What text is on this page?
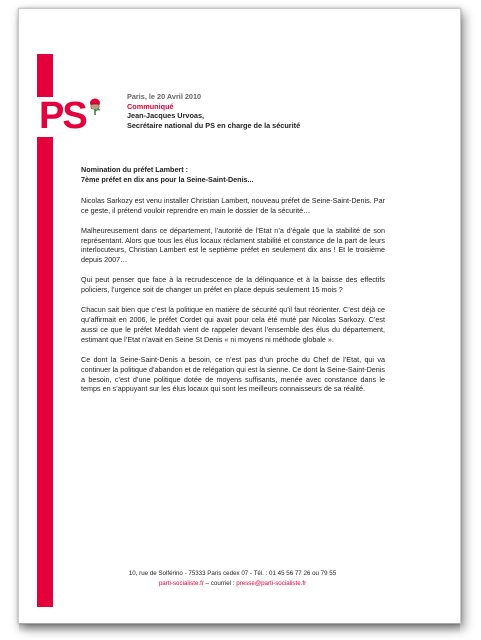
PS	Paris, le 20 Avril 2010
Communiqué
Jean-Jacques Urvoas,
Secrétaire national du PS en charge de la sécurité
Nomination du préfet Lambert :
7ème préfet en dix ans pour la Seine-Saint-Denis...

Nicolas Sarkozy est venu installer Christian Lambert, nouveau préfet de Seine-Saint-Denis. Par ce geste, il prétend vouloir reprendre en main le dossier de la sécurité…

Malheureusement dans ce département, l’autorité de l’Etat n’a d’égale que la stabilité de son représentant. Alors que tous les élus locaux réclament stabilité et constance de la part de leurs interlocuteurs, Christian Lambert est le septième préfet en seulement dix ans ! Et le troisième depuis 2007…

Qui peut penser que face à la recrudescence de la délinquance et à la baisse des effectifs policiers, l’urgence soit de changer un préfet en place depuis seulement 15 mois ?

Chacun sait bien que c’est la politique en matière de sécurité qu’il faut réorienter. C’est déjà ce qu’affirmait en 2006, le préfet Cordet qui avait pour cela été muté par Nicolas Sarkozy. C’est aussi ce que le préfet Meddah vient de rappeler devant l’ensemble des élus du département, estimant que l’Etat n’avait en Seine St Denis « ni moyens ni méthode globale ».

Ce dont la Seine-Saint-Denis a besoin, ce n’est pas d’un proche du Chef de l’Etat, qui va continuer la politique d’abandon et de relégation qui est la sienne. Ce dont la Seine-Saint-Denis a besoin, c’est d’une politique dotée de moyens suffisants, menée avec constance dans le temps en s’appuyant sur les élus locaux qui sont les meilleurs connaisseurs de sa réalité.

10, rue de Solférino - 75333 Paris cedex 07 - Tél. : 01 45 56 77 26 ou 79 55
parti-socialiste.fr – courriel : presse@parti-socialiste.fr
